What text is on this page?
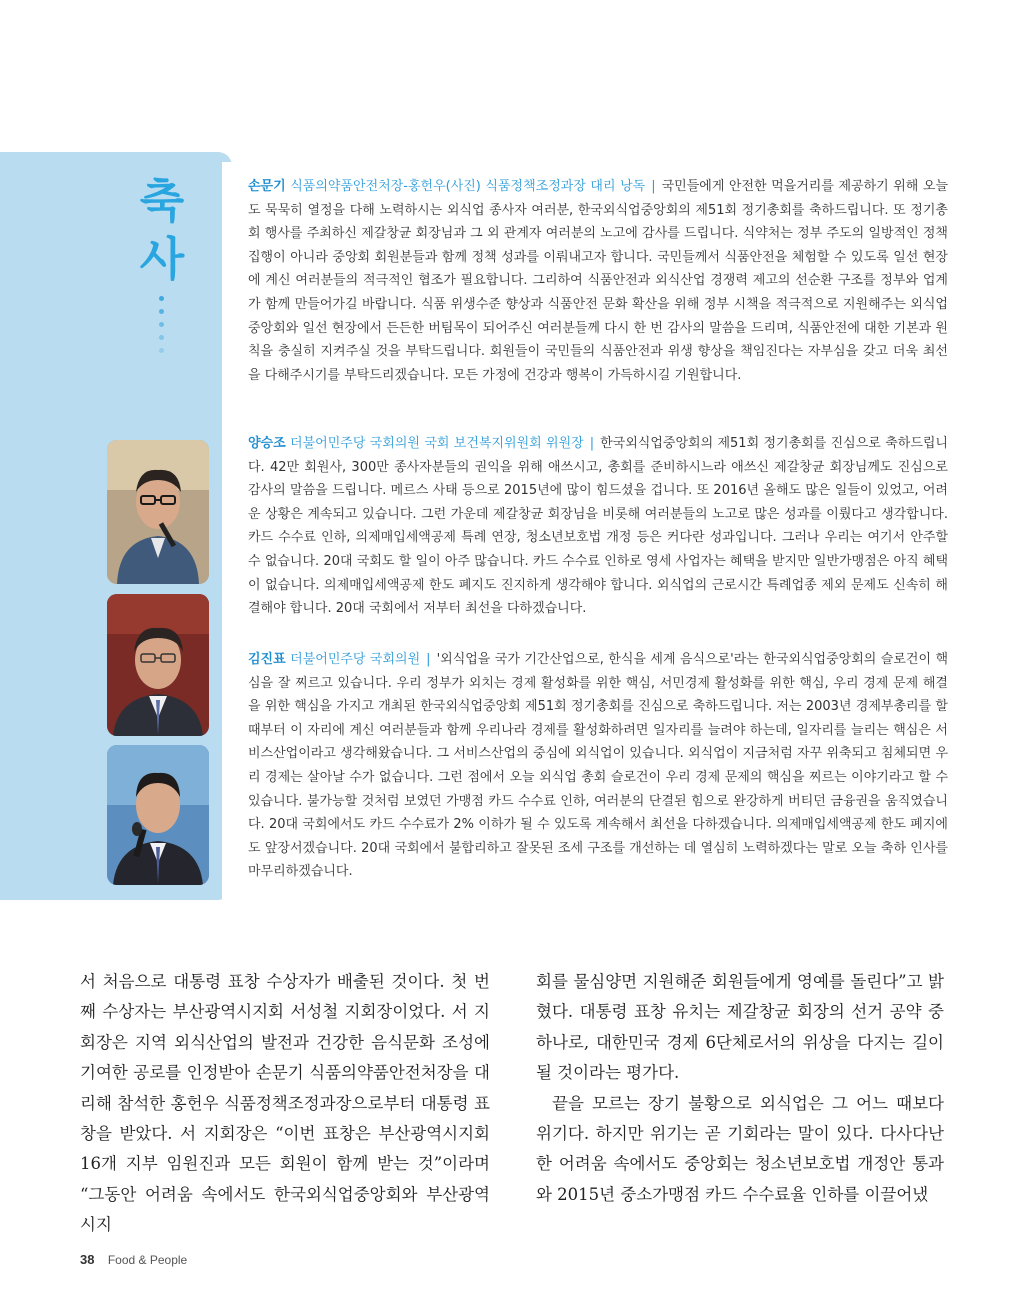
축
사

손문기 식품의약품안전처장-홍헌우(사진) 식품정책조정과장 대리 낭독 | 국민들에게 안전한 먹을거리를 제공하기 위해 오늘도 묵묵히 열정을 다해 노력하시는 외식업 종사자 여러분, 한국외식업중앙회의 제51회 정기총회를 축하드립니다. 또 정기총회 행사를 주최하신 제갈창균 회장님과 그 외 관계자 여러분의 노고에 감사를 드립니다. 식약처는 정부 주도의 일방적인 정책 집행이 아니라 중앙회 회원분들과 함께 정책 성과를 이뤄내고자 합니다. 국민들께서 식품안전을 체험할 수 있도록 일선 현장에 계신 여러분들의 적극적인 협조가 필요합니다. 그리하여 식품안전과 외식산업 경쟁력 제고의 선순환 구조를 정부와 업계가 함께 만들어가길 바랍니다. 식품 위생수준 향상과 식품안전 문화 확산을 위해 정부 시책을 적극적으로 지원해주는 외식업중앙회와 일선 현장에서 든든한 버팀목이 되어주신 여러분들께 다시 한 번 감사의 말씀을 드리며, 식품안전에 대한 기본과 원칙을 충실히 지켜주실 것을 부탁드립니다. 회원들이 국민들의 식품안전과 위생 향상을 책임진다는 자부심을 갖고 더욱 최선을 다해주시기를 부탁드리겠습니다. 모든 가정에 건강과 행복이 가득하시길 기원합니다.

양승조 더불어민주당 국회의원 국회 보건복지위원회 위원장 | 한국외식업중앙회의 제51회 정기총회를 진심으로 축하드립니다. 42만 회원사, 300만 종사자분들의 권익을 위해 애쓰시고, 총회를 준비하시느라 애쓰신 제갈창균 회장님께도 진심으로 감사의 말씀을 드립니다. 메르스 사태 등으로 2015년에 많이 힘드셨을 겁니다. 또 2016년 올해도 많은 일들이 있었고, 어려운 상황은 계속되고 있습니다. 그런 가운데 제갈창균 회장님을 비롯해 여러분들의 노고로 많은 성과를 이뤘다고 생각합니다. 카드 수수료 인하, 의제매입세액공제 특례 연장, 청소년보호법 개정 등은 커다란 성과입니다. 그러나 우리는 여기서 안주할 수 없습니다. 20대 국회도 할 일이 아주 많습니다. 카드 수수료 인하로 영세 사업자는 혜택을 받지만 일반가맹점은 아직 혜택이 없습니다. 의제매입세액공제 한도 폐지도 진지하게 생각해야 합니다. 외식업의 근로시간 특례업종 제외 문제도 신속히 해결해야 합니다. 20대 국회에서 저부터 최선을 다하겠습니다.

김진표 더불어민주당 국회의원 | '외식업을 국가 기간산업으로, 한식을 세계 음식으로'라는 한국외식업중앙회의 슬로건이 핵심을 잘 찌르고 있습니다. 우리 정부가 외치는 경제 활성화를 위한 핵심, 서민경제 활성화를 위한 핵심, 우리 경제 문제 해결을 위한 핵심을 가지고 개최된 한국외식업중앙회 제51회 정기총회를 진심으로 축하드립니다. 저는 2003년 경제부총리를 할 때부터 이 자리에 계신 여러분들과 함께 우리나라 경제를 활성화하려면 일자리를 늘려야 하는데, 일자리를 늘리는 핵심은 서비스산업이라고 생각해왔습니다. 그 서비스산업의 중심에 외식업이 있습니다. 외식업이 지금처럼 자꾸 위축되고 침체되면 우리 경제는 살아날 수가 없습니다. 그런 점에서 오늘 외식업 총회 슬로건이 우리 경제 문제의 핵심을 찌르는 이야기라고 할 수 있습니다. 불가능할 것처럼 보였던 가맹점 카드 수수료 인하, 여러분의 단결된 힘으로 완강하게 버티던 금융권을 움직였습니다. 20대 국회에서도 카드 수수료가 2% 이하가 될 수 있도록 계속해서 최선을 다하겠습니다. 의제매입세액공제 한도 폐지에도 앞장서겠습니다. 20대 국회에서 불합리하고 잘못된 조세 구조를 개선하는 데 열심히 노력하겠다는 말로 오늘 축하 인사를 마무리하겠습니다.

서 처음으로 대통령 표창 수상자가 배출된 것이다. 첫 번째 수상자는 부산광역시지회 서성철 지회장이었다. 서 지회장은 지역 외식산업의 발전과 건강한 음식문화 조성에 기여한 공로를 인정받아 손문기 식품의약품안전처장을 대리해 참석한 홍헌우 식품정책조정과장으로부터 대통령 표창을 받았다. 서 지회장은 “이번 표창은 부산광역시지회 16개 지부 임원진과 모든 회원이 함께 받는 것”이라며 “그동안 어려움 속에서도 한국외식업중앙회와 부산광역시지

회를 물심양면 지원해준 회원들에게 영예를 돌린다”고 밝혔다. 대통령 표창 유치는 제갈창균 회장의 선거 공약 중 하나로, 대한민국 경제 6단체로서의 위상을 다지는 길이 될 것이라는 평가다.

끝을 모르는 장기 불황으로 외식업은 그 어느 때보다 위기다. 하지만 위기는 곧 기회라는 말이 있다. 다사다난한 어려움 속에서도 중앙회는 청소년보호법 개정안 통과와 2015년 중소가맹점 카드 수수료율 인하를 이끌어냈

38 Food & People
